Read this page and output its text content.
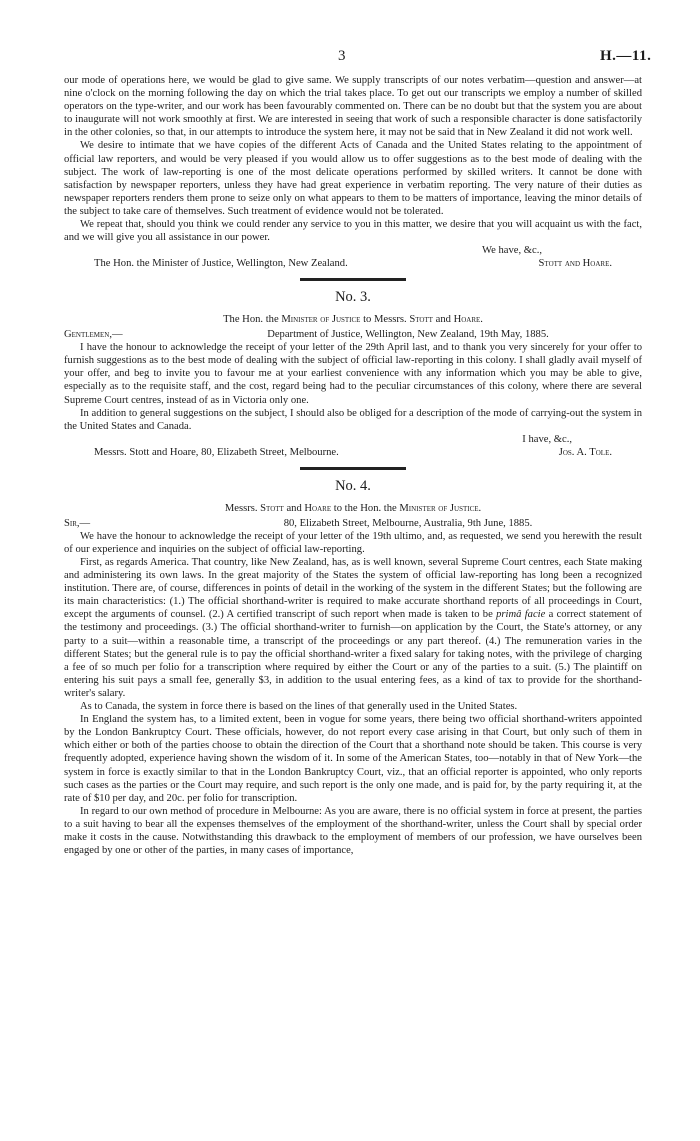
3	H.—11.

our mode of operations here, we would be glad to give same. We supply transcripts of our notes verbatim—question and answer—at nine o'clock on the morning following the day on which the trial takes place. To get out our transcripts we employ a number of skilled operators on the type-writer, and our work has been favourably commented on. There can be no doubt but that the system you are about to inaugurate will not work smoothly at first. We are interested in seeing that work of such a responsible character is done satisfactorily in the other colonies, so that, in our attempts to introduce the system here, it may not be said that in New Zealand it did not work well.

We desire to intimate that we have copies of the different Acts of Canada and the United States relating to the appointment of official law reporters, and would be very pleased if you would allow us to offer suggestions as to the best mode of dealing with the subject. The work of law-reporting is one of the most delicate operations performed by skilled writers. It cannot be done with satisfaction by newspaper reporters, unless they have had great experience in verbatim reporting. The very nature of their duties as newspaper reporters renders them prone to seize only on what appears to them to be matters of importance, leaving the minor details of the subject to take care of themselves. Such treatment of evidence would not be tolerated.

We repeat that, should you think we could render any service to you in this matter, we desire that you will acquaint us with the fact, and we will give you all assistance in our power.

We have, &c.,

The Hon. the Minister of Justice, Wellington, New Zealand.	Stott and Hoare.
No. 3.
The Hon. the Minister of Justice to Messrs. Stott and Hoare.
Gentlemen,—	Department of Justice, Wellington, New Zealand, 19th May, 1885.

I have the honour to acknowledge the receipt of your letter of the 29th April last, and to thank you very sincerely for your offer to furnish suggestions as to the best mode of dealing with the subject of official law-reporting in this colony. I shall gladly avail myself of your offer, and beg to invite you to favour me at your earliest convenience with any information which you may be able to give, especially as to the requisite staff, and the cost, regard being had to the peculiar circumstances of this colony, where there are several Supreme Court centres, instead of as in Victoria only one.

In addition to general suggestions on the subject, I should also be obliged for a description of the mode of carrying-out the system in the United States and Canada.

I have, &c.,

Messrs. Stott and Hoare, 80, Elizabeth Street, Melbourne.	Jos. A. Tole.
No. 4.
Messrs. Stott and Hoare to the Hon. the Minister of Justice.
Sir,—	80, Elizabeth Street, Melbourne, Australia, 9th June, 1885.

We have the honour to acknowledge the receipt of your letter of the 19th ultimo, and, as requested, we send you herewith the result of our experience and inquiries on the subject of official law-reporting.

First, as regards America. That country, like New Zealand, has, as is well known, several Supreme Court centres, each State making and administering its own laws. In the great majority of the States the system of official law-reporting has long been a recognized institution. There are, of course, differences in points of detail in the working of the system in the different States; but the following are its main characteristics: (1.) The official shorthand-writer is required to make accurate shorthand reports of all proceedings in Court, except the arguments of counsel. (2.) A certified transcript of such report when made is taken to be primâ facie a correct statement of the testimony and proceedings. (3.) The official shorthand-writer to furnish—on application by the Court, the State's attorney, or any party to a suit—within a reasonable time, a transcript of the proceedings or any part thereof. (4.) The remuneration varies in the different States; but the general rule is to pay the official shorthand-writer a fixed salary for taking notes, with the privilege of charging a fee of so much per folio for a transcription where required by either the Court or any of the parties to a suit. (5.) The plaintiff on entering his suit pays a small fee, generally $3, in addition to the usual entering fees, as a kind of tax to provide for the shorthand-writer's salary.

As to Canada, the system in force there is based on the lines of that generally used in the United States.

In England the system has, to a limited extent, been in vogue for some years, there being two official shorthand-writers appointed by the London Bankruptcy Court. These officials, however, do not report every case arising in that Court, but only such of them in which either or both of the parties choose to obtain the direction of the Court that a shorthand note should be taken. This course is very frequently adopted, experience having shown the wisdom of it. In some of the American States, too—notably in that of New York—the system in force is exactly similar to that in the London Bankruptcy Court, viz., that an official reporter is appointed, who only reports such cases as the parties or the Court may require, and such report is the only one made, and is paid for, by the party requiring it, at the rate of $10 per day, and 20c. per folio for transcription.

In regard to our own method of procedure in Melbourne: As you are aware, there is no official system in force at present, the parties to a suit having to bear all the expenses themselves of the employment of the shorthand-writer, unless the Court shall by special order make it costs in the cause. Notwithstanding this drawback to the employment of members of our profession, we have ourselves been engaged by one or other of the parties, in many cases of importance,
